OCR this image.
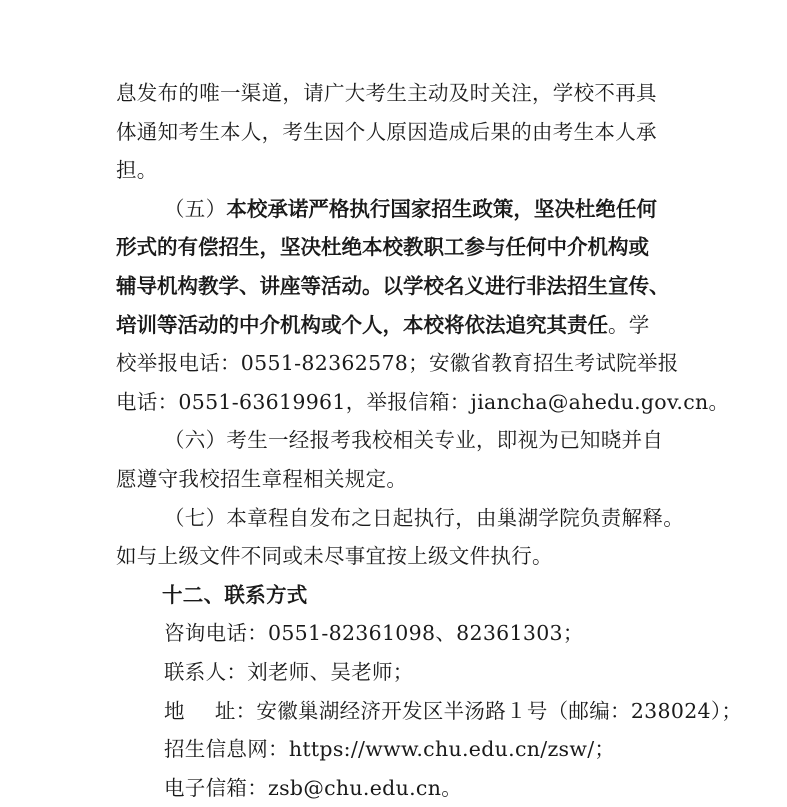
息发布的唯一渠道，请广大考生主动及时关注，学校不再具
体通知考生本人，考生因个人原因造成后果的由考生本人承
担。
（五）本校承诺严格执行国家招生政策，坚决杜绝任何
形式的有偿招生，坚决杜绝本校教职工参与任何中介机构或
辅导机构教学、讲座等活动。以学校名义进行非法招生宣传、
培训等活动的中介机构或个人，本校将依法追究其责任。学
校举报电话：0551-82362578；安徽省教育招生考试院举报
电话：0551-63619961，举报信箱：jiancha@ahedu.gov.cn。
（六）考生一经报考我校相关专业，即视为已知晓并自
愿遵守我校招生章程相关规定。
（七）本章程自发布之日起执行，由巢湖学院负责解释。
如与上级文件不同或未尽事宜按上级文件执行。
十二、联系方式
咨询电话：0551-82361098、82361303；
联系人：刘老师、吴老师；
地 址：安徽巢湖经济开发区半汤路１号（邮编：238024）；
招生信息网：https://www.chu.edu.cn/zsw/；
电子信箱：zsb@chu.edu.cn。
